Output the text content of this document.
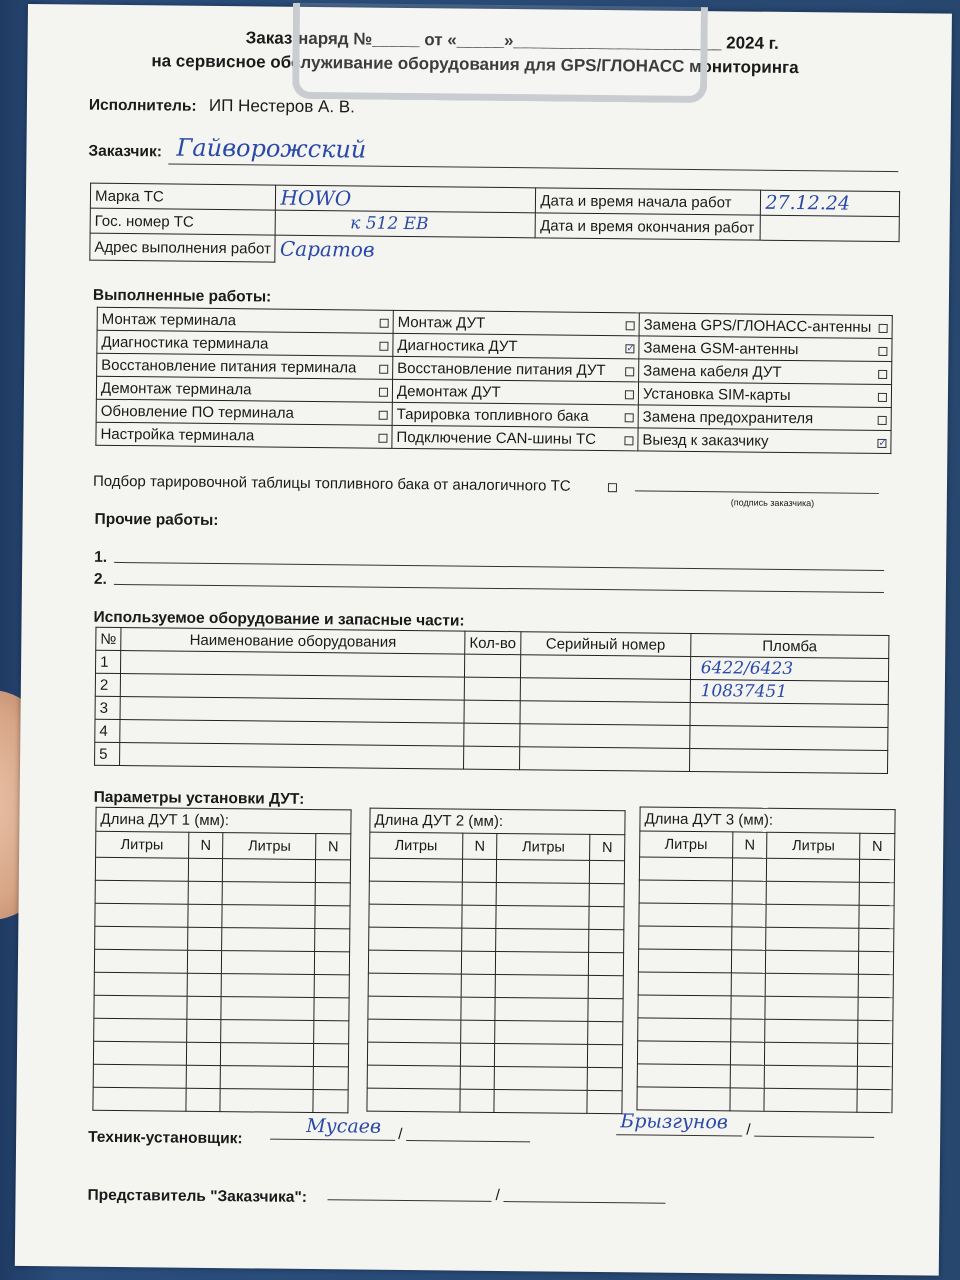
Заказ-наряд №_____ от «_____»______________________ 2024 г.
на сервисное обслуживание оборудования для GPS/ГЛОНАСС мониторинга
Исполнитель: ИП Нестеров А. В.
Заказчик: Гайворожский
Марка ТС	HOWO	Дата и время начала работ	27.12.24
Гос. номер ТС	к 512 ЕВ	Дата и время окончания работ	
Адрес выполнения работ	Саратов		
Выполненные работы:
Монтаж терминала	Монтаж ДУТ	Замена GPS/ГЛОНАСС-антенны

Диагностика терминала	Диагностика ДУТ ✓	Замена GSM-антенны

Восстановление питания терминала	Восстановление питания ДУТ	Замена кабеля ДУТ

Демонтаж терминала	Демонтаж ДУТ	Установка SIM-карты

Обновление ПО терминала	Тарировка топливного бака	Замена предохранителя

Настройка терминала	Подключение CAN-шины ТС	Выезд к заказчику ✓
Подбор тарировочной таблицы топливного бака от аналогичного ТС
(подпись заказчика)
Прочие работы:
1.
2.
Используемое оборудование и запасные части:
№	Наименование оборудования	Кол-во	Серийный номер	Пломба
1				6422/6423
2				10837451
3				
4				
5				
Параметры установки ДУТ:
Длина ДУТ 1 (мм):			
Литры	N	Литры	N

Длина ДУТ 2 (мм):			
Литры	N	Литры	N

Длина ДУТ 3 (мм):			
Литры	N	Литры	N

Техник-установщик:
Мусаев /
Брызгунов /
Представитель "Заказчика":	/
